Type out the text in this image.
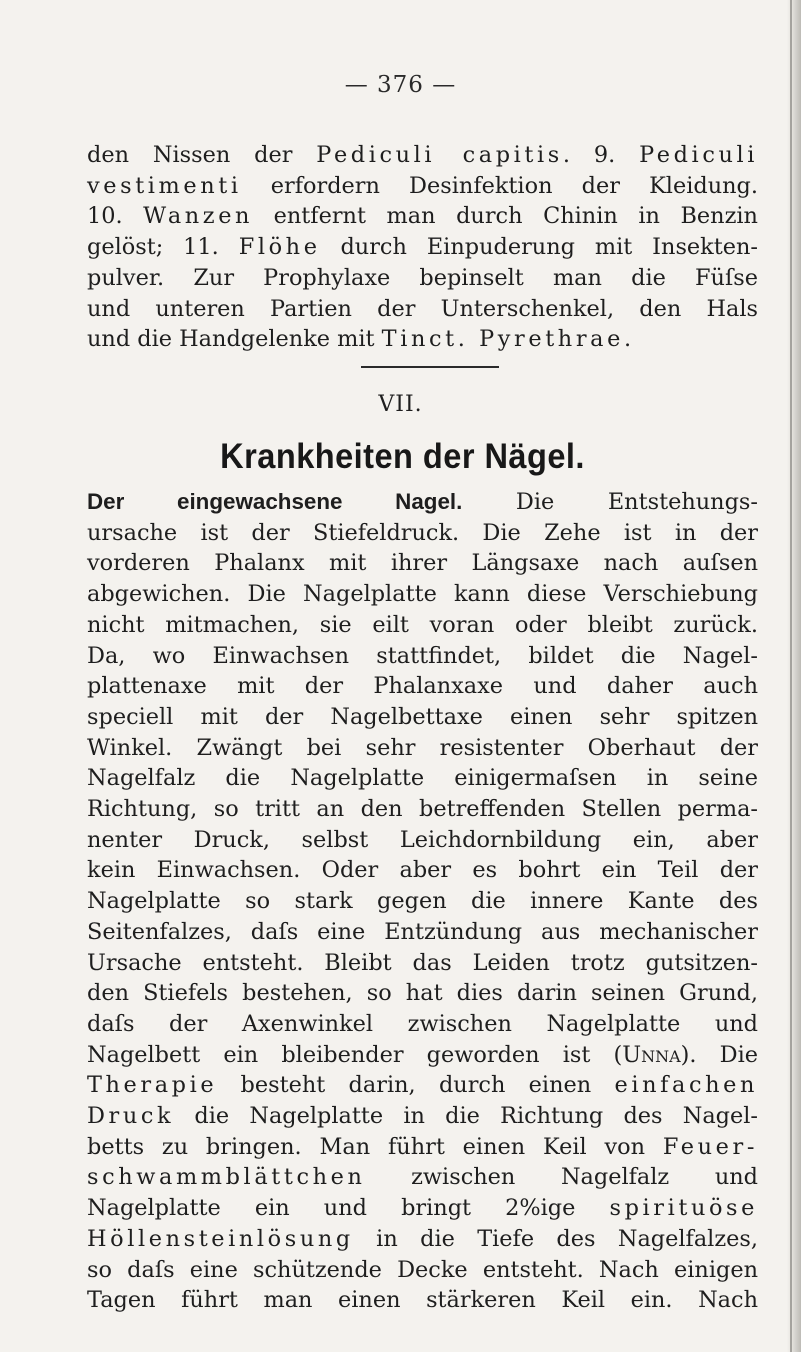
— 376 —
den Nissen der Pediculi capitis. 9. Pediculi
vestimenti erfordern Desinfektion der Kleidung.
10. Wanzen entfernt man durch Chinin in Benzin
gelöst; 11. Flöhe durch Einpuderung mit Insekten-
pulver. Zur Prophylaxe bepinselt man die Füſse
und unteren Partien der Unterschenkel, den Hals
und die Handgelenke mit Tinct. Pyrethrae.
VII.
Krankheiten der Nägel.
Der eingewachsene Nagel. Die Entstehungs-
ursache ist der Stiefeldruck. Die Zehe ist in der
vorderen Phalanx mit ihrer Längsaxe nach auſsen
abgewichen. Die Nagelplatte kann diese Verschiebung
nicht mitmachen, sie eilt voran oder bleibt zurück.
Da, wo Einwachsen stattfindet, bildet die Nagel-
plattenaxe mit der Phalanxaxe und daher auch
speciell mit der Nagelbettaxe einen sehr spitzen
Winkel. Zwängt bei sehr resistenter Oberhaut der
Nagelfalz die Nagelplatte einigermaſsen in seine
Richtung, so tritt an den betreffenden Stellen perma-
nenter Druck, selbst Leichdornbildung ein, aber
kein Einwachsen. Oder aber es bohrt ein Teil der
Nagelplatte so stark gegen die innere Kante des
Seitenfalzes, daſs eine Entzündung aus mechanischer
Ursache entsteht. Bleibt das Leiden trotz gutsitzen-
den Stiefels bestehen, so hat dies darin seinen Grund,
daſs der Axenwinkel zwischen Nagelplatte und
Nagelbett ein bleibender geworden ist (Unna). Die
Therapie besteht darin, durch einen einfachen
Druck die Nagelplatte in die Richtung des Nagel-
betts zu bringen. Man führt einen Keil von Feuer-
schwammblättchen zwischen Nagelfalz und
Nagelplatte ein und bringt 2%ige spirituöse
Höllensteinlösung in die Tiefe des Nagelfalzes,
so daſs eine schützende Decke entsteht. Nach einigen
Tagen führt man einen stärkeren Keil ein. Nach
